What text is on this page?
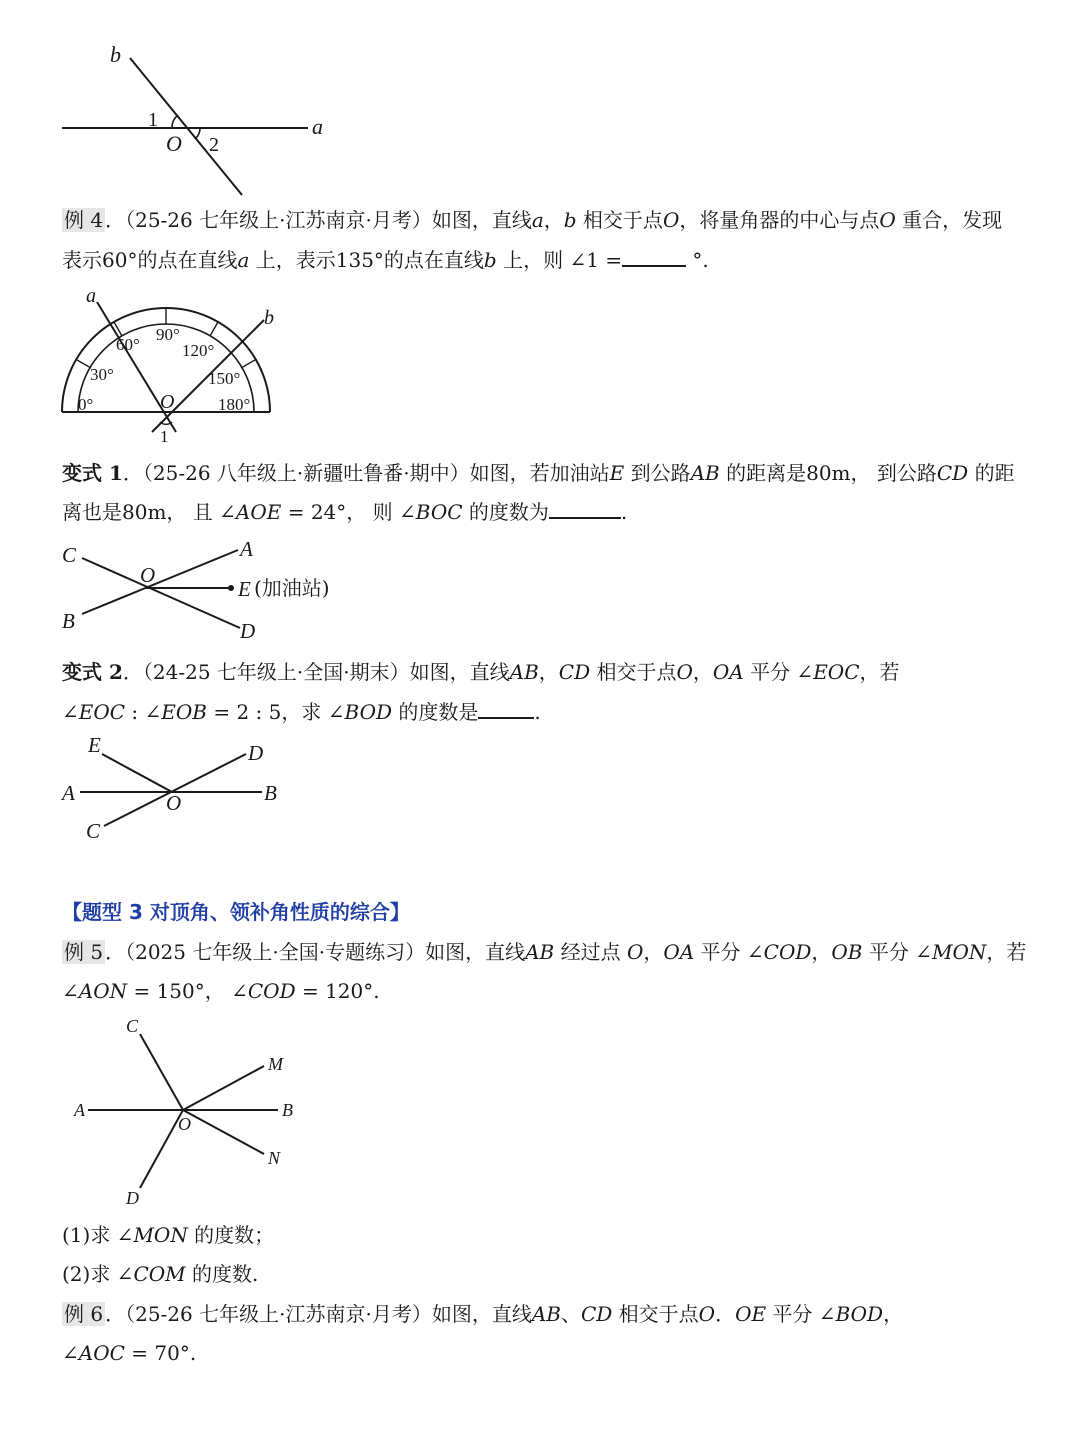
b
a
1
O 2
例 4 ．（25-26 七年级上·江苏南京·月考）如图，直线a，b 相交于点O，将量角器的中心与点O 重合，发现
表示60°的点在直线a 上，表示135°的点在直线b 上，则 ∠1 =	°.
a
b
O
1
0°
30°
60°
90°
120°
150°
180°
变式 1．（25-26 八年级上·新疆吐鲁番·期中）如图，若加油站E 到公路AB 的距离是80m， 到公路CD 的距
离也是80m， 且 ∠AOE = 24°， 则 ∠BOC 的度数为	.
C	A
O
E (加油站)
B	D
变式 2．（24-25 七年级上·全国·期末）如图，直线AB，CD 相交于点O，OA 平分 ∠EOC，若
∠EOC : ∠EOB = 2 : 5，求 ∠BOD 的度数是	.
E	D
A	O	B
C
【题型 3 对顶角、领补角性质的综合】
例 5 ．（2025 七年级上·全国·专题练习）如图，直线AB 经过点 O，OA 平分 ∠COD，OB 平分 ∠MON，若
∠AON = 150°， ∠COD = 120°.
C
M
A	B
O
N
D
(1)求 ∠MON 的度数；
(2)求 ∠COM 的度数.
例 6 ．（25-26 七年级上·江苏南京·月考）如图，直线AB、CD 相交于点O．OE 平分 ∠BOD，
∠AOC = 70°.
